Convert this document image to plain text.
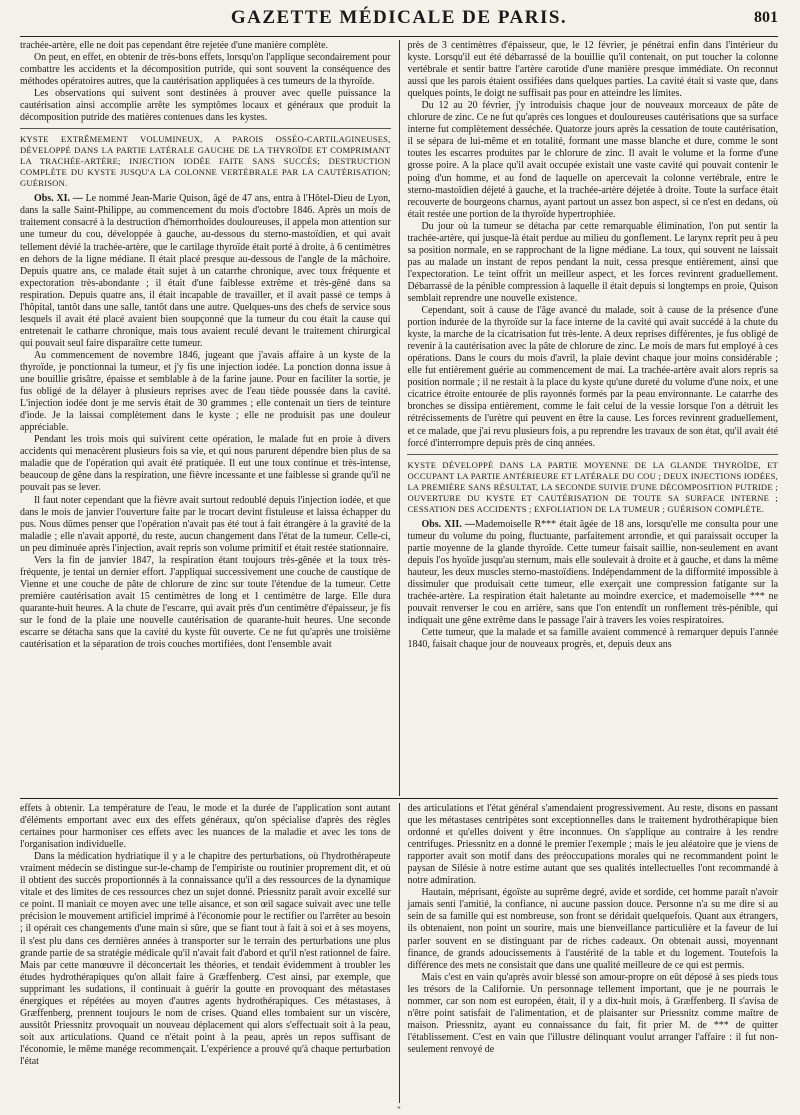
GAZETTE MÉDICALE DE PARIS.	801

trachée-artère, elle ne doit pas cependant être rejetée d'une manière complète.

On peut, en effet, en obtenir de très-bons effets, lorsqu'on l'applique secondairement pour combattre les accidents et la décomposition putride, qui sont souvent la conséquence des méthodes opératoires autres, que la cautérisation appliquées à ces tumeurs de la thyroïde.

Les observations qui suivent sont destinées à prouver avec quelle puissance la cautérisation ainsi accomplie arrête les symptômes locaux et généraux que produit la décomposition putride des matières contenues dans les kystes.

KYSTE EXTRÊMEMENT VOLUMINEUX, A PAROIS OSSÉO-CARTILAGINEUSES, DÉVELOPPÉ DANS LA PARTIE LATÉRALE GAUCHE DE LA THYROÏDE ET COMPRIMANT LA TRACHÉE-ARTÈRE; INJECTION IODÉE FAITE SANS SUCCÈS; DESTRUCTION COMPLÈTE DU KYSTE JUSQU'A LA COLONNE VERTÉBRALE PAR LA CAUTÉRISATION; GUÉRISON.

Obs. XI. — Le nommé Jean-Marie Quison, âgé de 47 ans, entra à l'Hôtel-Dieu de Lyon, dans la salle Saint-Philippe, au commencement du mois d'octobre 1846. Après un mois de traitement consacré à la destruction d'hémorrhoïdes douloureuses, il appela mon attention sur une tumeur du cou, développée à gauche, au-dessous du sterno-mastoïdien, et qui avait tellement dévié la trachée-artère, que le cartilage thyroïde était porté à droite, à 6 centimètres en dehors de la ligne médiane. Il était placé presque au-dessous de l'angle de la mâchoire. Depuis quatre ans, ce malade était sujet à un catarrhe chronique, avec toux fréquente et expectoration très-abondante ; il était d'une faiblesse extrême et très-gêné dans sa respiration. Depuis quatre ans, il était incapable de travailler, et il avait passé ce temps à l'hôpital, tantôt dans une salle, tantôt dans une autre. Quelques-uns des chefs de service sous lesquels il avait été placé avaient bien soupçonné que la tumeur du cou était la cause qui entretenait le catharre chronique, mais tous avaient reculé devant le traitement chirurgical qui pouvait seul faire disparaître cette tumeur.

Au commencement de novembre 1846, jugeant que j'avais affaire à un kyste de la thyroïde, je ponctionnai la tumeur, et j'y fis une injection iodée. La ponction donna issue à une bouillie grisâtre, épaisse et semblable à de la farine jaune. Pour en faciliter la sortie, je fus obligé de la délayer à plusieurs reprises avec de l'eau tiède poussée dans la cavité. L'injection iodée dont je me servis était de 30 grammes ; elle contenait un tiers de teinture d'iode. Je la laissai complètement dans le kyste ; elle ne produisit pas une douleur appréciable.

Pendant les trois mois qui suivirent cette opération, le malade fut en proie à divers accidents qui menacèrent plusieurs fois sa vie, et qui nous parurent dépendre bien plus de sa maladie que de l'opération qui avait été pratiquée. Il eut une toux continue et très-intense, beaucoup de gêne dans la respiration, une fièvre incessante et une faiblesse si grande qu'il ne pouvait pas se lever.

Il faut noter cependant que la fièvre avait surtout redoublé depuis l'injection iodée, et que dans le mois de janvier l'ouverture faite par le trocart devint fistuleuse et laissa échapper du pus. Nous dûmes penser que l'opération n'avait pas été tout à fait étrangère à la gravité de la maladie ; elle n'avait apporté, du reste, aucun changement dans l'état de la tumeur. Celle-ci, un peu diminuée après l'injection, avait repris son volume primitif et était restée stationnaire.

Vers la fin de janvier 1847, la respiration étant toujours très-gênée et la toux très-fréquente, je tentai un dernier effort. J'appliquai successivement une couche de caustique de Vienne et une couche de pâte de chlorure de zinc sur toute l'étendue de la tumeur. Cette première cautérisation avait 15 centimètres de long et 1 centimètre de large. Elle dura quarante-huit heures. A la chute de l'escarre, qui avait près d'un centimètre d'épaisseur, je fis sur le fond de la plaie une nouvelle cautérisation de quarante-huit heures. Une seconde escarre se détacha sans que la cavité du kyste fût ouverte. Ce ne fut qu'après une troisième cautérisation et la séparation de trois couches mortifiées, dont l'ensemble avait

près de 3 centimètres d'épaisseur, que, le 12 février, je pénétrai enfin dans l'intérieur du kyste. Lorsqu'il eut été débarrassé de la bouillie qu'il contenait, on put toucher la colonne vertébrale et sentir battre l'artère carotide d'une manière presque immédiate. On reconnut aussi que les parois étaient ossifiées dans quelques parties. La cavité était si vaste que, dans quelques points, le doigt ne suffisait pas pour en atteindre les limites.

Du 12 au 20 février, j'y introduisis chaque jour de nouveaux morceaux de pâte de chlorure de zinc. Ce ne fut qu'après ces longues et douloureuses cautérisations que sa surface interne fut complètement desséchée. Quatorze jours après la cessation de toute cautérisation, il se sépara de lui-même et en totalité, formant une masse blanche et dure, comme le sont toutes les escarres produites par le chlorure de zinc. Il avait le volume et la forme d'une grosse poire. A la place qu'il avait occupée existait une vaste cavité qui pouvait contenir le poing d'un homme, et au fond de laquelle on apercevait la colonne vertébrale, entre le sterno-mastoïdien déjeté à gauche, et la trachée-artère déjetée à droite. Toute la surface était recouverte de bourgeons charnus, ayant partout un assez bon aspect, si ce n'est en dedans, où était restée une portion de la thyroïde hypertrophiée.

Du jour où la tumeur se détacha par cette remarquable élimination, l'on put sentir la trachée-artère, qui jusque-là était perdue au milieu du gonflement. Le larynx reprit peu à peu sa position normale, en se rapprochant de la ligne médiane. La toux, qui souvent ne laissait pas au malade un instant de repos pendant la nuit, cessa presque entièrement, ainsi que l'expectoration. Le teint offrit un meilleur aspect, et les forces revinrent graduellement. Débarrassé de la pénible compression à laquelle il était depuis si longtemps en proie, Quison semblait reprendre une nouvelle existence.

Cependant, soit à cause de l'âge avancé du malade, soit à cause de la présence d'une portion indurée de la thyroïde sur la face interne de la cavité qui avait succédé à la chute du kyste, la marche de la cicatrisation fut très-lente. A deux reprises différentes, je fus obligé de revenir à la cautérisation avec la pâte de chlorure de zinc. Le mois de mars fut employé à ces opérations. Dans le cours du mois d'avril, la plaie devint chaque jour moins considérable ; elle fut entièrement guérie au commencement de mai. La trachée-artère avait alors repris sa position normale ; il ne restait à la place du kyste qu'une dureté du volume d'une noix, et une cicatrice étroite entourée de plis rayonnés formés par la peau environnante. Le catarrhe des bronches se dissipa entièrement, comme le fait celui de la vessie lorsque l'on a détruit les rétrécissements de l'urètre qui peuvent en être la cause. Les forces revinrent graduellement, et ce malade, que j'ai revu plusieurs fois, a pu reprendre les travaux de son état, qu'il avait été forcé d'interrompre depuis près de cinq années.

KYSTE DÉVELOPPÉ DANS LA PARTIE MOYENNE DE LA GLANDE THYROÏDE, ET OCCUPANT LA PARTIE ANTÉRIEURE ET LATÉRALE DU COU ; DEUX INJECTIONS IODÉES, LA PREMIÈRE SANS RÉSULTAT, LA SECONDE SUIVIE D'UNE DÉCOMPOSITION PUTRIDE ; OUVERTURE DU KYSTE ET CAUTÉRISATION DE TOUTE SA SURFACE INTERNE ; CESSATION DES ACCIDENTS ; EXFOLIATION DE LA TUMEUR ; GUÉRISON COMPLÈTE.

Obs. XII. —Mademoiselle R*** était âgée de 18 ans, lorsqu'elle me consulta pour une tumeur du volume du poing, fluctuante, parfaitement arrondie, et qui paraissait occuper la partie moyenne de la glande thyroïde. Cette tumeur faisait saillie, non-seulement en avant depuis l'os hyoïde jusqu'au sternum, mais elle soulevait à droite et à gauche, et dans la même hauteur, les deux muscles sterno-mastoïdiens. Indépendamment de la difformité impossible à dissimuler que produisait cette tumeur, elle exerçait une compression fatigante sur la trachée-artère. La respiration était haletante au moindre exercice, et mademoiselle *** ne pouvait renverser le cou en arrière, sans que l'on entendît un ronflement très-pénible, qui indiquait une gêne extrême dans le passage l'air à travers les voies respiratoires.

Cette tumeur, que la malade et sa famille avaient commencé à remarquer depuis l'année 1840, faisait chaque jour de nouveaux progrès, et, depuis deux ans

effets à obtenir. La température de l'eau, le mode et la durée de l'application sont autant d'éléments emportant avec eux des effets généraux, qu'on spécialise d'après des règles certaines pour harmoniser ces effets avec les nuances de la maladie et avec les tons de l'organisation individuelle.

Dans la médication hydriatique il y a le chapitre des perturbations, où l'hydrothérapeute vraiment médecin se distingue sur-le-champ de l'empiriste ou routinier proprement dit, et où il obtient des succès proportionnés à la connaissance qu'il a des ressources de la dynamique vitale et des limites de ces ressources chez un sujet donné. Priessnitz paraît avoir excellé sur ce point. Il maniait ce moyen avec une telle aisance, et son œil sagace suivait avec une telle précision le mouvement artificiel imprimé à l'économie pour le rectifier ou l'arrêter au besoin ; il opérait ces changements d'une main si sûre, que se fiant tout à fait à soi et à ses moyens, il s'est plu dans ces dernières années à transporter sur le terrain des perturbations une plus grande partie de sa stratégie médicale qu'il n'avait fait d'abord et qu'il n'est rationnel de faire. Mais par cette manœuvre il déconcertait les théories, et tendait évidemment à troubler les études hydrothérapiques qu'on allait faire à Græffenberg. C'est ainsi, par exemple, que supprimant les sudations, il continuait à guérir la goutte en provoquant des métastases énergiques et répétées au moyen d'autres agents hydrothérapiques. Ces métastases, à Græffenberg, prennent toujours le nom de crises. Quand elles tombaient sur un viscère, aussitôt Priessnitz provoquait un nouveau déplacement qui alors s'effectuait soit à la peau, soit aux articulations. Quand ce n'était point à la peau, après un repos suffisant de l'économie, le même manége recommençait. L'expérience a prouvé qu'à chaque perturbation l'état

des articulations et l'état général s'amendaient progressivement. Au reste, disons en passant que les métastases centripètes sont exceptionnelles dans le traitement hydrothérapique bien ordonné et qu'elles doivent y être inconnues. On s'applique au contraire à les rendre centrifuges. Priessnitz en a donné le premier l'exemple ; mais le jeu aléatoire que je viens de rapporter avait son motif dans des préoccupations morales qui ne recommandent point le paysan de Silésie à notre estime autant que ses qualités intellectuelles l'ont recommandé à notre admiration.

Hautain, méprisant, égoïste au suprême degré, avide et sordide, cet homme paraît n'avoir jamais senti l'amitié, la confiance, ni aucune passion douce. Personne n'a su me dire si au sein de sa famille qui est nombreuse, son front se déridait quelquefois. Quant aux étrangers, ils obtenaient, non point un sourire, mais une bienveillance particulière et la faveur de lui parler souvent en se distinguant par de riches cadeaux. On obtenait aussi, moyennant finance, de grands adoucissements à l'austérité de la table et du logement. Toutefois la différence des mets ne consistait que dans une qualité meilleure de ce qui est permis.

Mais c'est en vain qu'après avoir blessé son amour-propre on eût déposé à ses pieds tous les trésors de la Californie. Un personnage tellement important, que je ne pourrais le nommer, car son nom est européen, était, il y a dix-huit mois, à Græffenberg. Il s'avisa de n'être point satisfait de l'alimentation, et de plaisanter sur Priessnitz comme maître de maison. Priessnitz, ayant eu connaissance du fait, fit prier M. de *** de quitter l'établissement. C'est en vain que l'illustre délinquant voulut arranger l'affaire : il fut non-seulement renvoyé de

"
